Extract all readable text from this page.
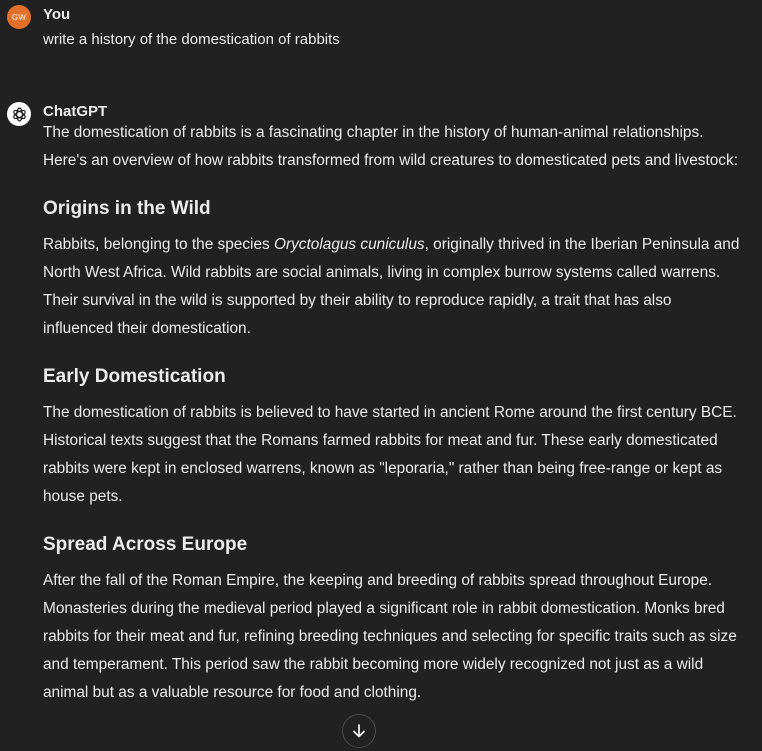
GW You
write a history of the domestication of rabbits
ChatGPT

The domestication of rabbits is a fascinating chapter in the history of human-animal relationships. Here's an overview of how rabbits transformed from wild creatures to domesticated pets and livestock:

Origins in the Wild

Rabbits, belonging to the species Oryctolagus cuniculus, originally thrived in the Iberian Peninsula and North West Africa. Wild rabbits are social animals, living in complex burrow systems called warrens. Their survival in the wild is supported by their ability to reproduce rapidly, a trait that has also influenced their domestication.

Early Domestication

The domestication of rabbits is believed to have started in ancient Rome around the first century BCE. Historical texts suggest that the Romans farmed rabbits for meat and fur. These early domesticated rabbits were kept in enclosed warrens, known as "leporaria," rather than being free-range or kept as house pets.

Spread Across Europe

After the fall of the Roman Empire, the keeping and breeding of rabbits spread throughout Europe. Monasteries during the medieval period played a significant role in rabbit domestication. Monks bred rabbits for their meat and fur, refining breeding techniques and selecting for specific traits such as size and temperament. This period saw the rabbit becoming more widely recognized not just as a wild animal but as a valuable resource for food and clothing.
